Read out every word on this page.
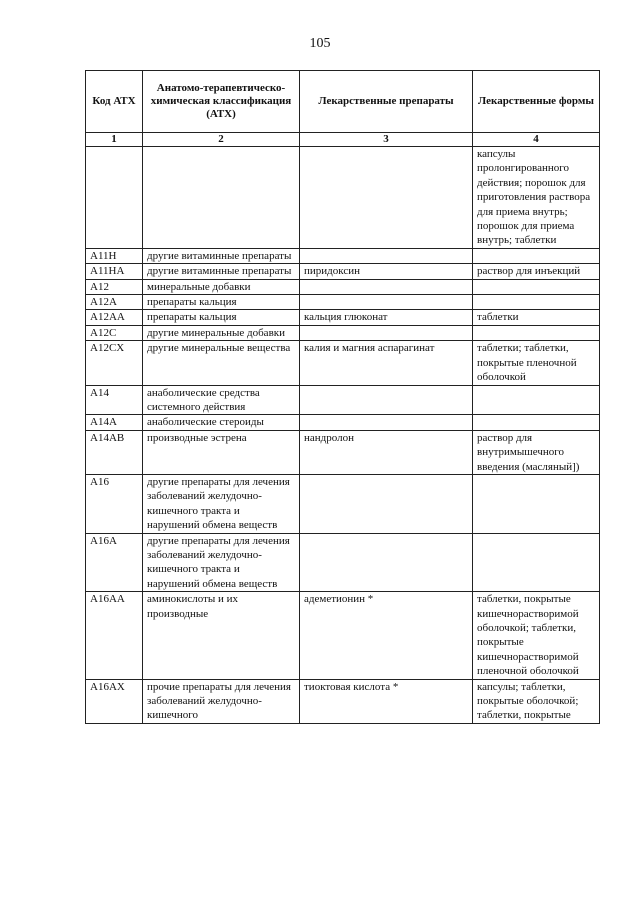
105
Код АТХ	Анатомо-терапевтическо-химическая классификация (АТХ)	Лекарственные препараты	Лекарственные формы
1	2	3	4
			капсулы пролонгированного действия; порошок для приготовления раствора для приема внутрь; порошок для приема внутрь; таблетки
A11H	другие витаминные препараты		
A11HA	другие витаминные препараты	пиридоксин	раствор для инъекций
A12	минеральные добавки		
A12A	препараты кальция		
A12AA	препараты кальция	кальция глюконат	таблетки
A12C	другие минеральные добавки		
A12CX	другие минеральные вещества	калия и магния аспарагинат	таблетки; таблетки, покрытые пленочной оболочкой
A14	анаболические средства системного действия		
A14A	анаболические стероиды		
A14AB	производные эстрена	нандролон	раствор для внутримышечного введения (масляный])
A16	другие препараты для лечения заболеваний желудочно-кишечного тракта и нарушений обмена веществ		
A16A	другие препараты для лечения заболеваний желудочно-кишечного тракта и нарушений обмена веществ		
A16AA	аминокислоты и их производные	адеметионин *	таблетки, покрытые кишечнорастворимой оболочкой; таблетки, покрытые кишечнорастворимой пленочной оболочкой
A16AX	прочие препараты для лечения заболеваний желудочно-кишечного	тиоктовая кислота *	капсулы; таблетки, покрытые оболочкой; таблетки, покрытые
